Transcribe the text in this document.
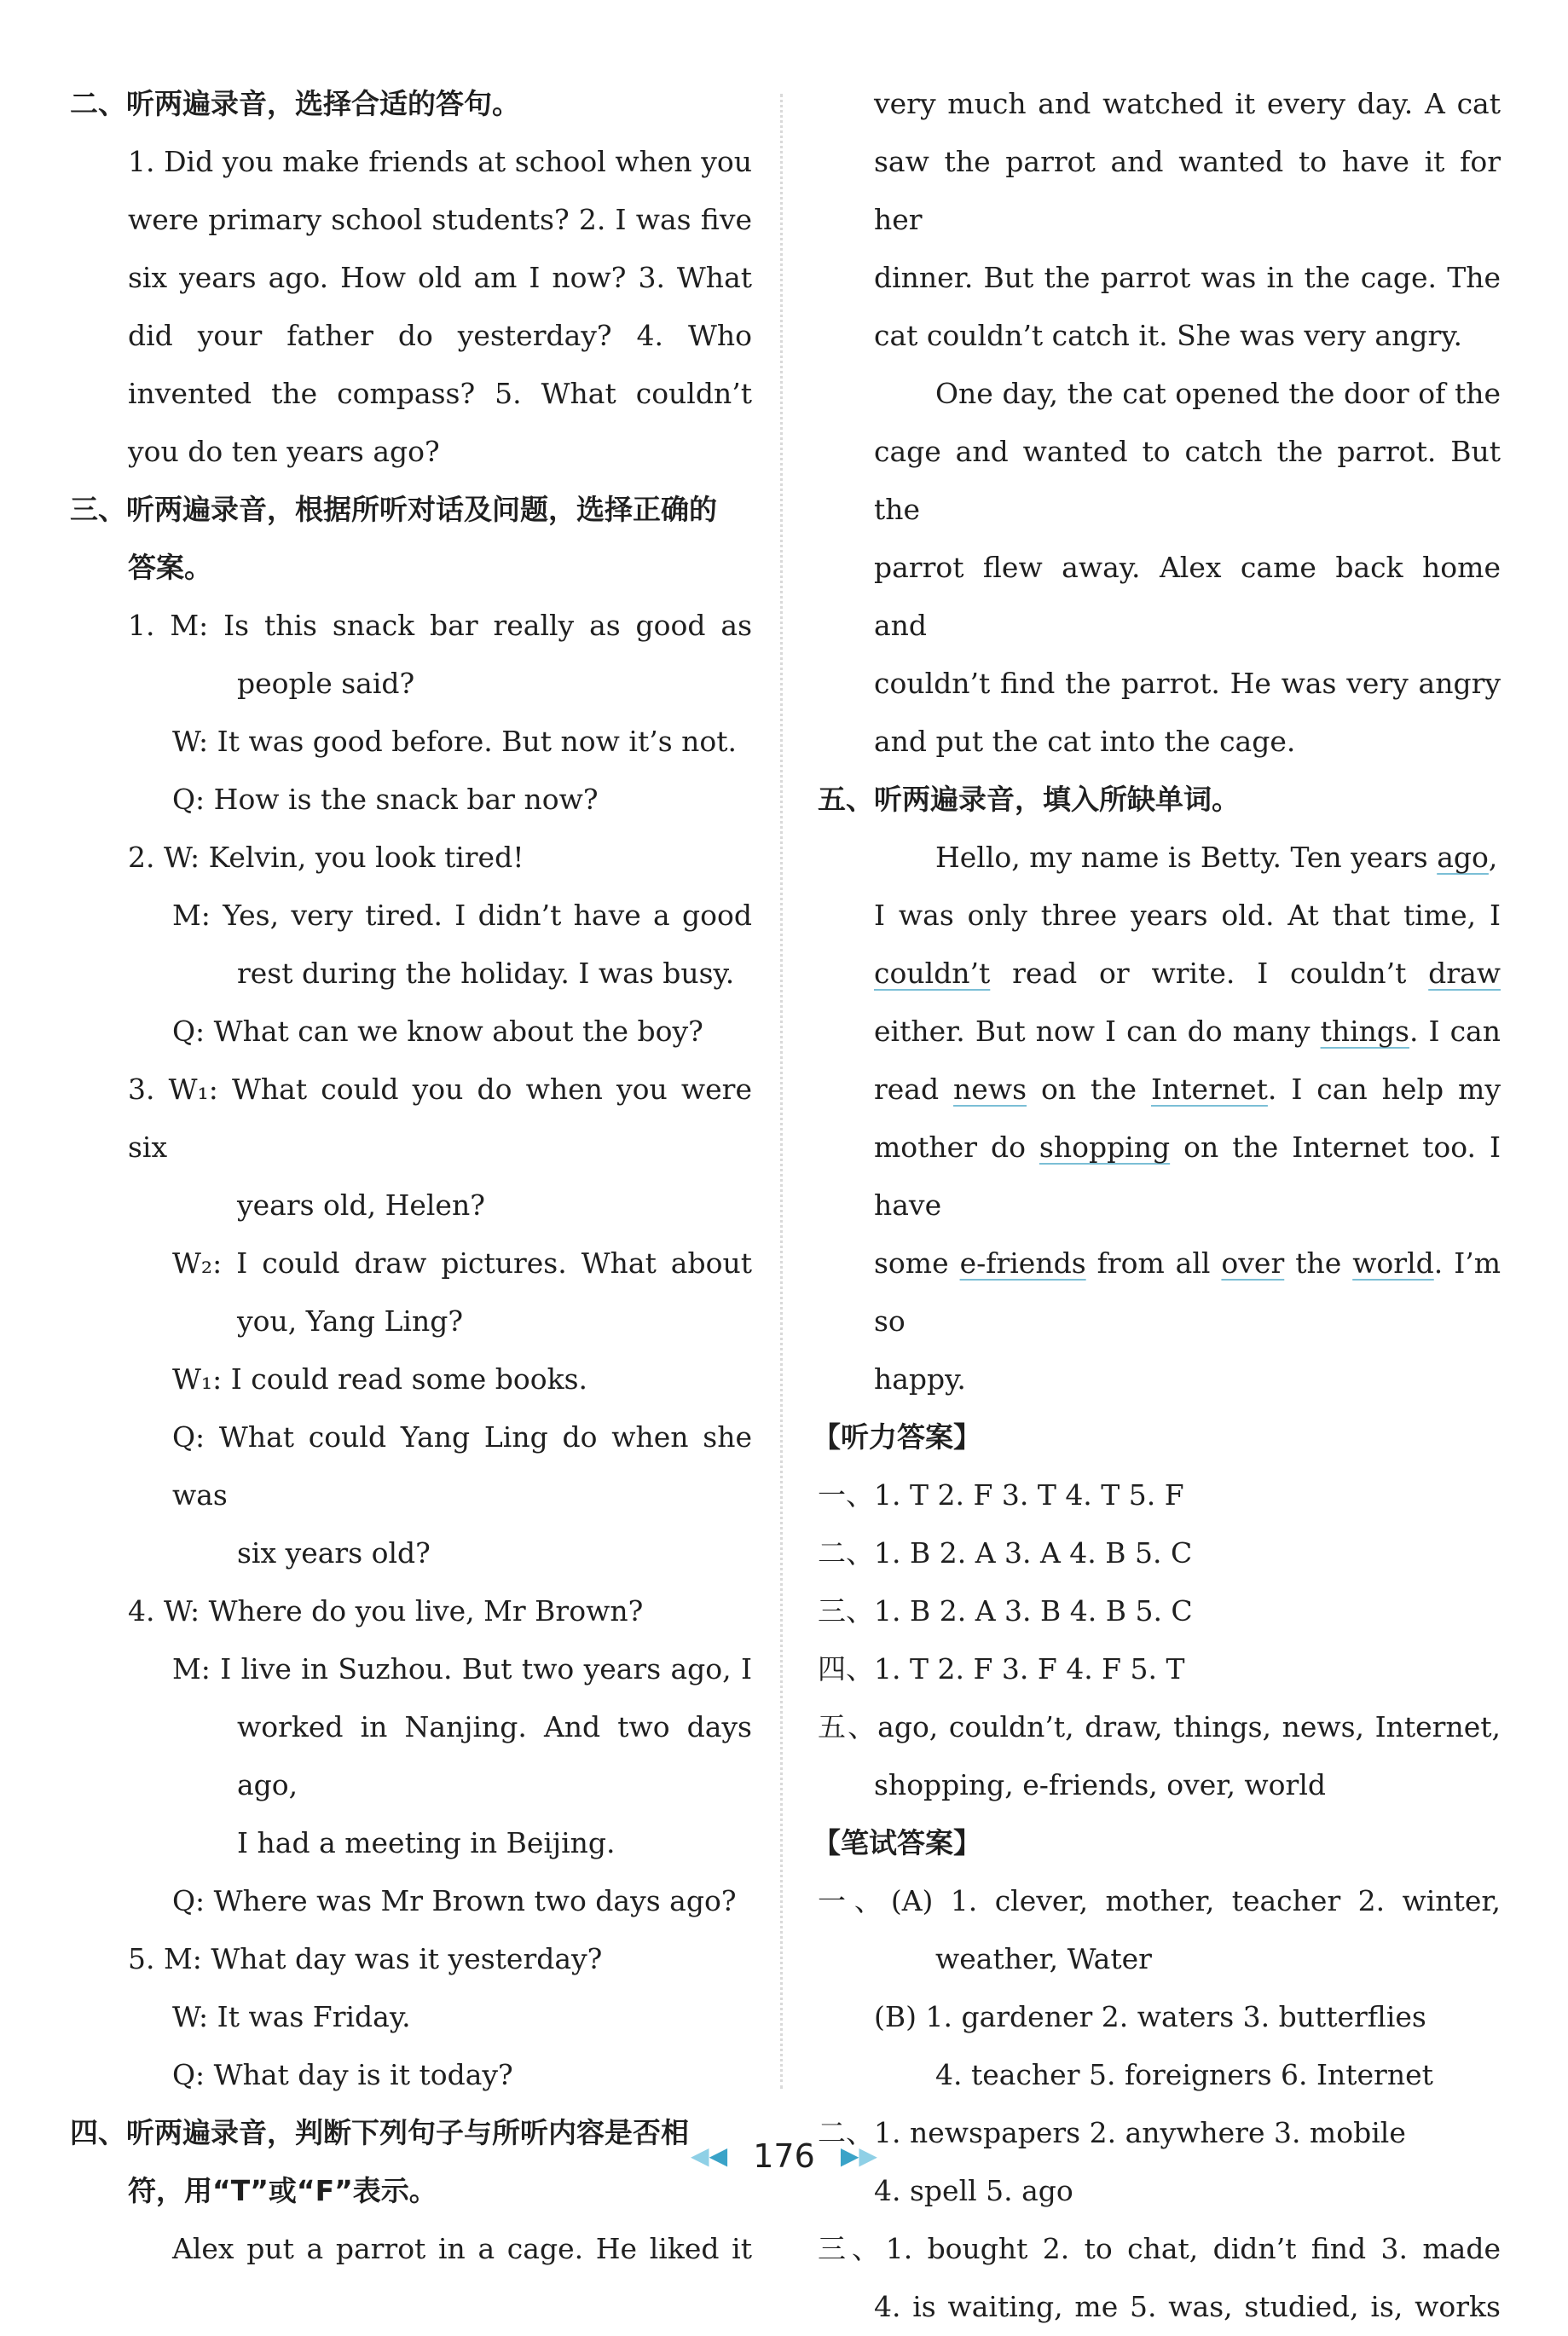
二、听两遍录音，选择合适的答句。
1. Did you make friends at school when you
were primary school students? 2. I was five
six years ago. How old am I now? 3. What
did your father do yesterday? 4. Who
invented the compass? 5. What couldn’t
you do ten years ago?
三、听两遍录音，根据所听对话及问题，选择正确的
答案。
1. M: Is this snack bar really as good as
people said?
W: It was good before. But now it’s not.
Q: How is the snack bar now?
2. W: Kelvin, you look tired!
M: Yes, very tired. I didn’t have a good
rest during the holiday. I was busy.
Q: What can we know about the boy?
3. W₁: What could you do when you were six
years old, Helen?
W₂: I could draw pictures. What about
you, Yang Ling?
W₁: I could read some books.
Q: What could Yang Ling do when she was
six years old?
4. W: Where do you live, Mr Brown?
M: I live in Suzhou. But two years ago, I
worked in Nanjing. And two days ago,
I had a meeting in Beijing.
Q: Where was Mr Brown two days ago?
5. M: What day was it yesterday?
W: It was Friday.
Q: What day is it today?
四、听两遍录音，判断下列句子与所听内容是否相
符，用“T”或“F”表示。
Alex put a parrot in a cage. He liked it
very much and watched it every day. A cat
saw the parrot and wanted to have it for her
dinner. But the parrot was in the cage. The
cat couldn’t catch it. She was very angry.
One day, the cat opened the door of the
cage and wanted to catch the parrot. But the
parrot flew away. Alex came back home and
couldn’t find the parrot. He was very angry
and put the cat into the cage.
五、听两遍录音，填入所缺单词。
Hello, my name is Betty. Ten years ago,
I was only three years old. At that time, I
couldn’t read or write. I couldn’t draw
either. But now I can do many things. I can
read news on the Internet. I can help my
mother do shopping on the Internet too. I have
some e-friends from all over the world. I’m so
happy.
【听力答案】
一、1. T 2. F 3. T 4. T 5. F
二、1. B 2. A 3. A 4. B 5. C
三、1. B 2. A 3. B 4. B 5. C
四、1. T 2. F 3. F 4. F 5. T
五、ago, couldn’t, draw, things, news, Internet,
shopping, e-friends, over, world
【笔试答案】
一、(A) 1. clever, mother, teacher 2. winter,
weather, Water
(B) 1. gardener 2. waters 3. butterflies
4. teacher 5. foreigners 6. Internet
二、1. newspapers 2. anywhere 3. mobile
4. spell 5. ago
三、1. bought 2. to chat, didn’t find 3. made
4. is waiting, me 5. was, studied, is, works
◀◀ 176 ▶▶
